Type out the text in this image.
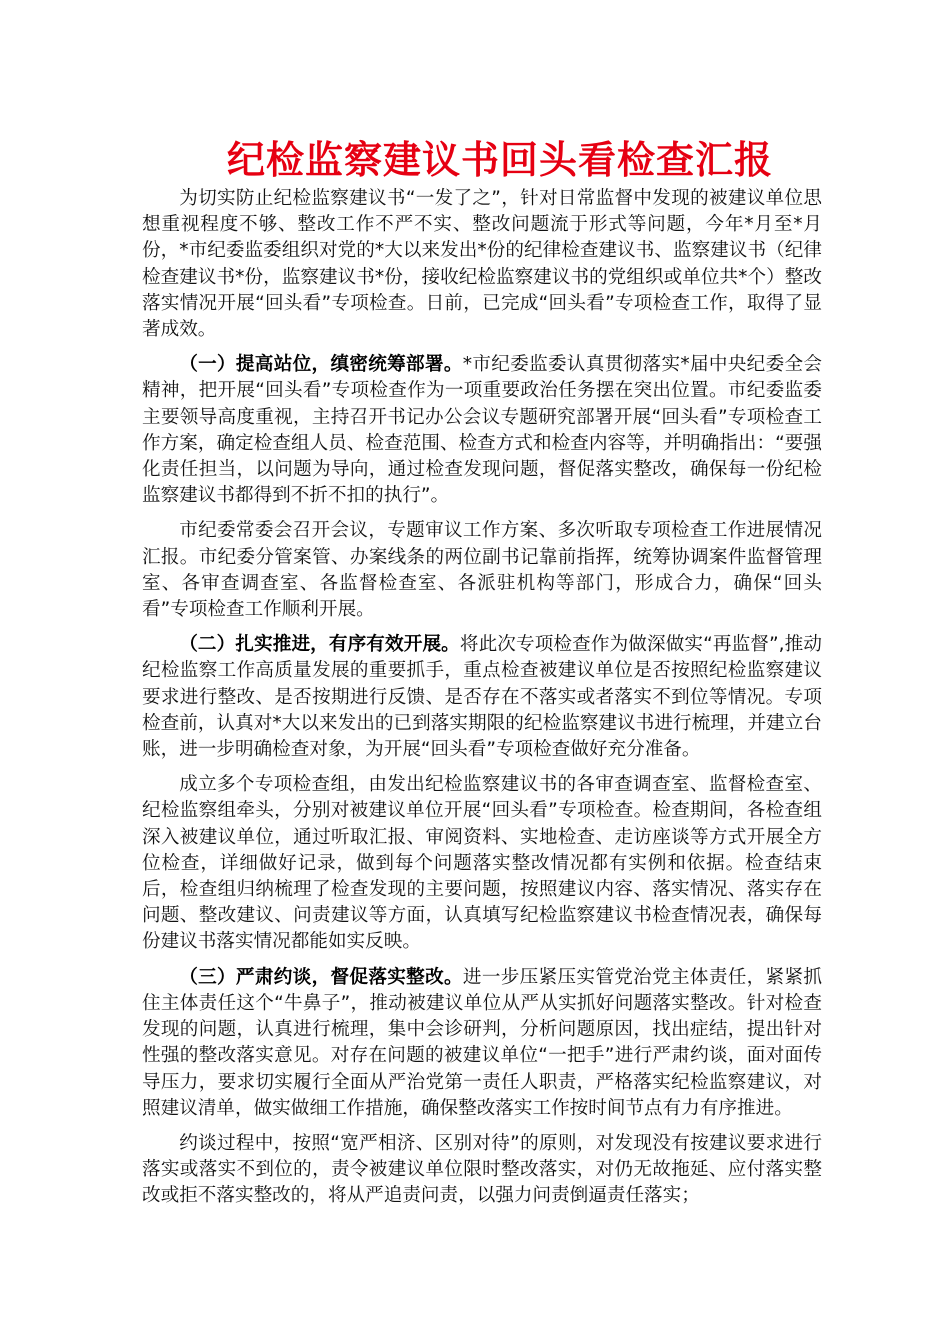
纪检监察建议书回头看检查汇报

为切实防止纪检监察建议书“一发了之”，针对日常监督中发现的被建议单位思想重视程度不够、整改工作不严不实、整改问题流于形式等问题，今年*月至*月份，*市纪委监委组织对党的*大以来发出*份的纪律检查建议书、监察建议书（纪律检查建议书*份，监察建议书*份，接收纪检监察建议书的党组织或单位共*个）整改落实情况开展“回头看”专项检查。日前，已完成“回头看”专项检查工作，取得了显著成效。

（一）提高站位，缜密统筹部署。*市纪委监委认真贯彻落实*届中央纪委全会精神，把开展“回头看”专项检查作为一项重要政治任务摆在突出位置。市纪委监委主要领导高度重视，主持召开书记办公会议专题研究部署开展“回头看”专项检查工作方案，确定检查组人员、检查范围、检查方式和检查内容等，并明确指出：“要强化责任担当，以问题为导向，通过检查发现问题，督促落实整改，确保每一份纪检监察建议书都得到不折不扣的执行”。

市纪委常委会召开会议，专题审议工作方案、多次听取专项检查工作进展情况汇报。市纪委分管案管、办案线条的两位副书记靠前指挥，统筹协调案件监督管理室、各审查调查室、各监督检查室、各派驻机构等部门，形成合力，确保“回头看”专项检查工作顺利开展。

（二）扎实推进，有序有效开展。将此次专项检查作为做深做实“再监督”,推动纪检监察工作高质量发展的重要抓手，重点检查被建议单位是否按照纪检监察建议要求进行整改、是否按期进行反馈、是否存在不落实或者落实不到位等情况。专项检查前，认真对*大以来发出的已到落实期限的纪检监察建议书进行梳理，并建立台账，进一步明确检查对象，为开展“回头看”专项检查做好充分准备。

成立多个专项检查组，由发出纪检监察建议书的各审查调查室、监督检查室、纪检监察组牵头，分别对被建议单位开展“回头看”专项检查。检查期间，各检查组深入被建议单位，通过听取汇报、审阅资料、实地检查、走访座谈等方式开展全方位检查，详细做好记录，做到每个问题落实整改情况都有实例和依据。检查结束后，检查组归纳梳理了检查发现的主要问题，按照建议内容、落实情况、落实存在问题、整改建议、问责建议等方面，认真填写纪检监察建议书检查情况表，确保每份建议书落实情况都能如实反映。

（三）严肃约谈，督促落实整改。进一步压紧压实管党治党主体责任，紧紧抓住主体责任这个“牛鼻子”，推动被建议单位从严从实抓好问题落实整改。针对检查发现的问题，认真进行梳理，集中会诊研判，分析问题原因，找出症结，提出针对性强的整改落实意见。对存在问题的被建议单位“一把手”进行严肃约谈，面对面传导压力，要求切实履行全面从严治党第一责任人职责，严格落实纪检监察建议，对照建议清单，做实做细工作措施，确保整改落实工作按时间节点有力有序推进。

约谈过程中，按照“宽严相济、区别对待”的原则，对发现没有按建议要求进行落实或落实不到位的，责令被建议单位限时整改落实，对仍无故拖延、应付落实整改或拒不落实整改的，将从严追责问责，以强力问责倒逼责任落实；
